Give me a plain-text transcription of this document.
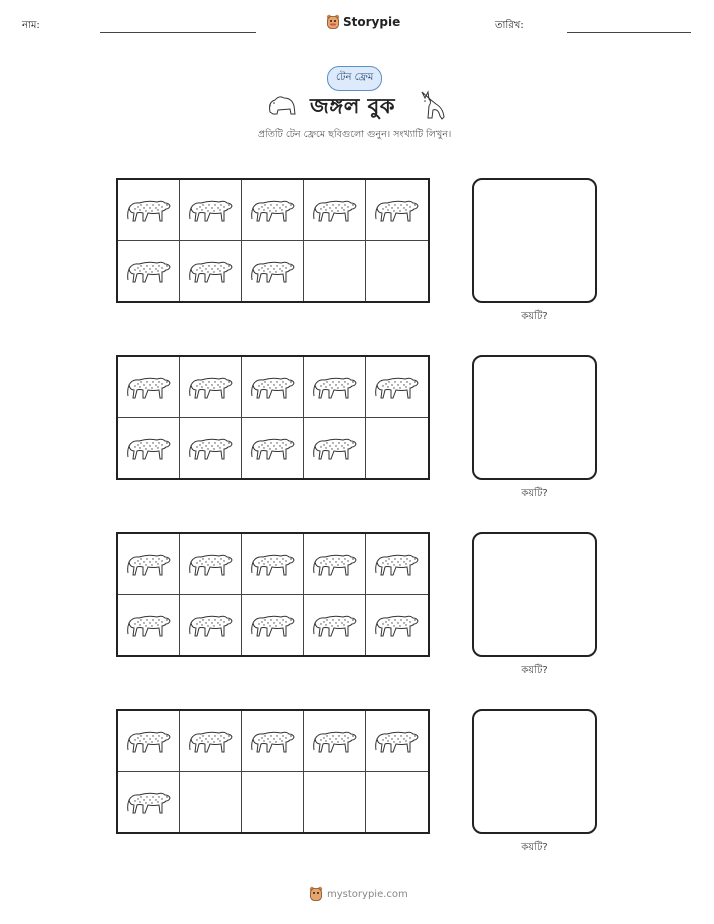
নাম:	Storypie	তারিখ:
টেন ফ্রেম
জঙ্গল বুক
প্রতিটি টেন ফ্রেমে ছবিগুলো গুনুন। সংখ্যাটি লিখুন।
কয়টি?
কয়টি?
কয়টি?
কয়টি?
mystorypie.com
